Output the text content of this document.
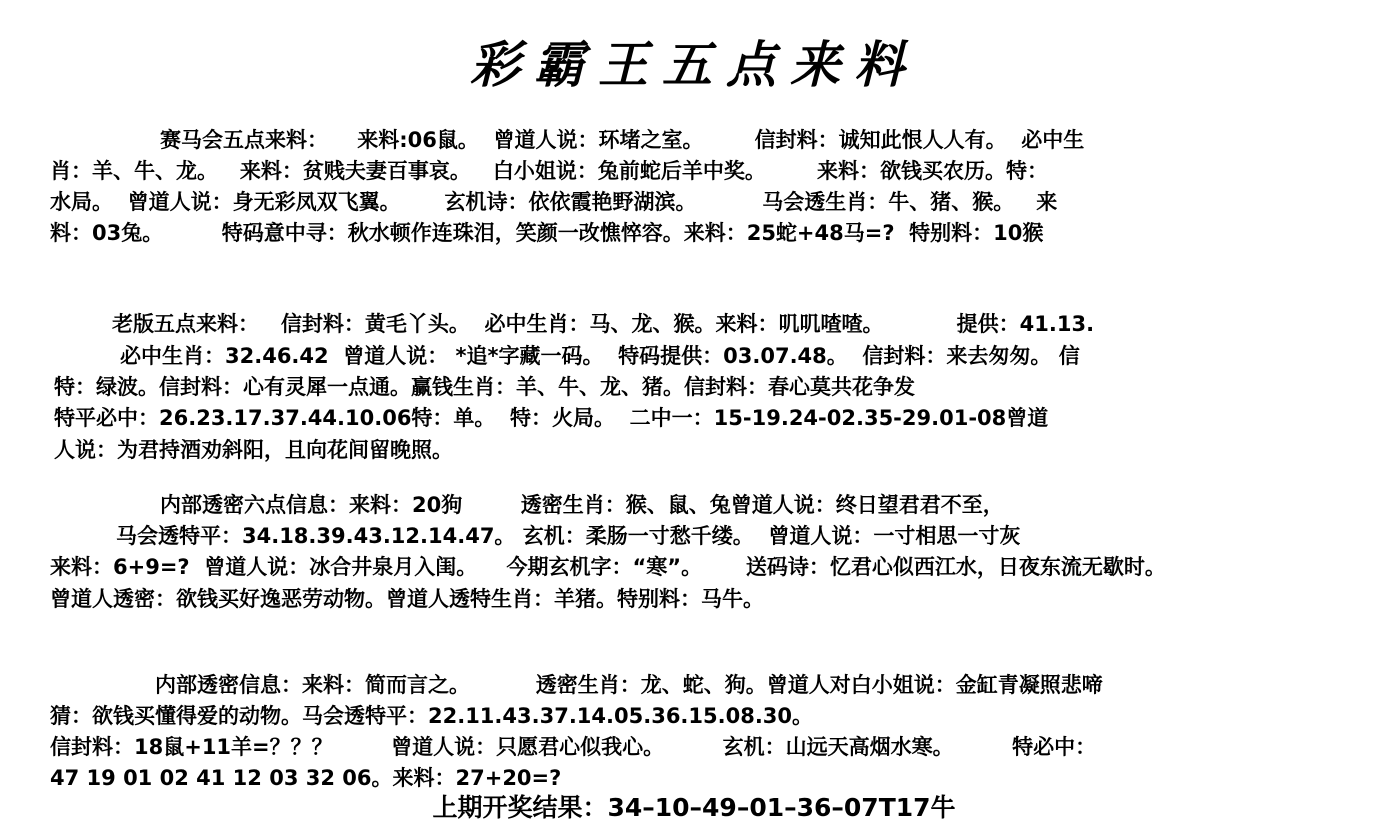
彩霸王五点来料
赛马会五点来料：    来料:06鼠。  曾道人说：环堵之室。       信封料：诚知此恨人人有。  必中生
肖：羊、牛、龙。   来料：贫贱夫妻百事哀。   白小姐说：兔前蛇后羊中奖。       来料：欲钱买农历。特：
水局。  曾道人说：身无彩凤双飞翼。      玄机诗：依依霞艳野湖滨。         马会透生肖：牛、猪、猴。   来
料：03兔。        特码意中寻：秋水顿作连珠泪，笑颜一改憔悴容。来料：25蛇+48马=?  特别料：10猴
老版五点来料：   信封料：黄毛丫头。  必中生肖：马、龙、猴。来料：叽叽喳喳。          提供：41.13.
必中生肖：32.46.42  曾道人说： *追*字藏一码。  特码提供：03.07.48。  信封料：来去匆匆。 信
特：绿波。信封料：心有灵犀一点通。赢钱生肖：羊、牛、龙、猪。信封料：春心莫共花争发
特平必中：26.23.17.37.44.10.06特：单。  特：火局。  二中一：15-19.24-02.35-29.01-08曾道
人说：为君持酒劝斜阳，且向花间留晚照。
内部透密六点信息：来料：20狗        透密生肖：猴、鼠、兔曾道人说：终日望君君不至，
马会透特平：34.18.39.43.12.14.47。 玄机：柔肠一寸愁千缕。  曾道人说：一寸相思一寸灰
来料：6+9=?  曾道人说：冰合井泉月入闺。    今期玄机字：“寒”。      送码诗：忆君心似西江水，日夜东流无歇时。
曾道人透密：欲钱买好逸恶劳动物。曾道人透特生肖：羊猪。特别料：马牛。
内部透密信息：来料：简而言之。         透密生肖：龙、蛇、狗。曾道人对白小姐说：金缸青凝照悲啼
猜：欲钱买懂得爱的动物。马会透特平：22.11.43.37.14.05.36.15.08.30。
信封料：18鼠+11羊=？？？        曾道人说：只愿君心似我心。        玄机：山远天高烟水寒。        特必中：
47 19 01 02 41 12 03 32 06。来料：27+20=?
上期开奖结果：34–10–49–01–36–07T17牛
